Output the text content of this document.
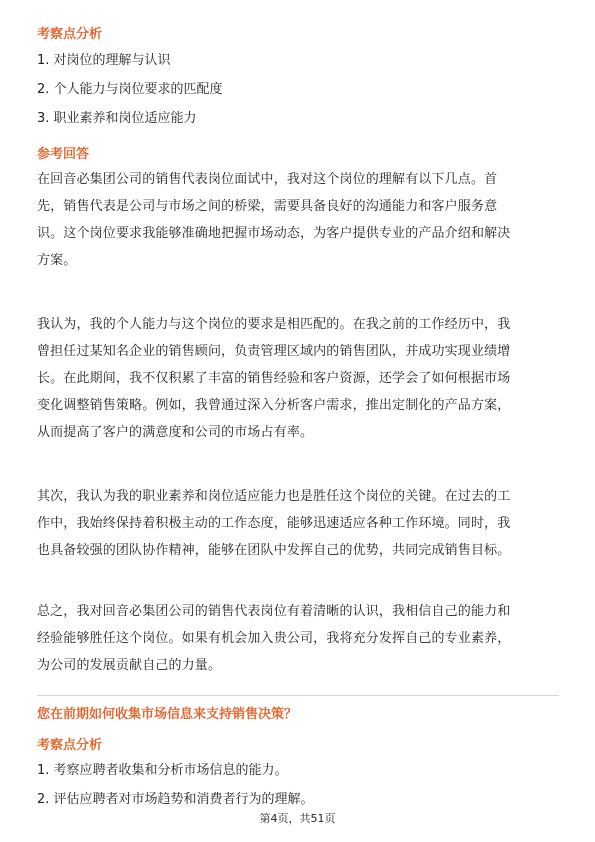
考察点分析
1. 对岗位的理解与认识
2. 个人能力与岗位要求的匹配度
3. 职业素养和岗位适应能力
参考回答
在回音必集团公司的销售代表岗位面试中，我对这个岗位的理解有以下几点。首
先，销售代表是公司与市场之间的桥梁，需要具备良好的沟通能力和客户服务意
识。这个岗位要求我能够准确地把握市场动态，为客户提供专业的产品介绍和解决
方案。
我认为，我的个人能力与这个岗位的要求是相匹配的。在我之前的工作经历中，我
曾担任过某知名企业的销售顾问，负责管理区域内的销售团队，并成功实现业绩增
长。在此期间，我不仅积累了丰富的销售经验和客户资源，还学会了如何根据市场
变化调整销售策略。例如，我曾通过深入分析客户需求，推出定制化的产品方案，
从而提高了客户的满意度和公司的市场占有率。
其次，我认为我的职业素养和岗位适应能力也是胜任这个岗位的关键。在过去的工
作中，我始终保持着积极主动的工作态度，能够迅速适应各种工作环境。同时，我
也具备较强的团队协作精神，能够在团队中发挥自己的优势，共同完成销售目标。
总之，我对回音必集团公司的销售代表岗位有着清晰的认识，我相信自己的能力和
经验能够胜任这个岗位。如果有机会加入贵公司，我将充分发挥自己的专业素养，
为公司的发展贡献自己的力量。
您在前期如何收集市场信息来支持销售决策？
考察点分析
1. 考察应聘者收集和分析市场信息的能力。
2. 评估应聘者对市场趋势和消费者行为的理解。
第4页，共51页
